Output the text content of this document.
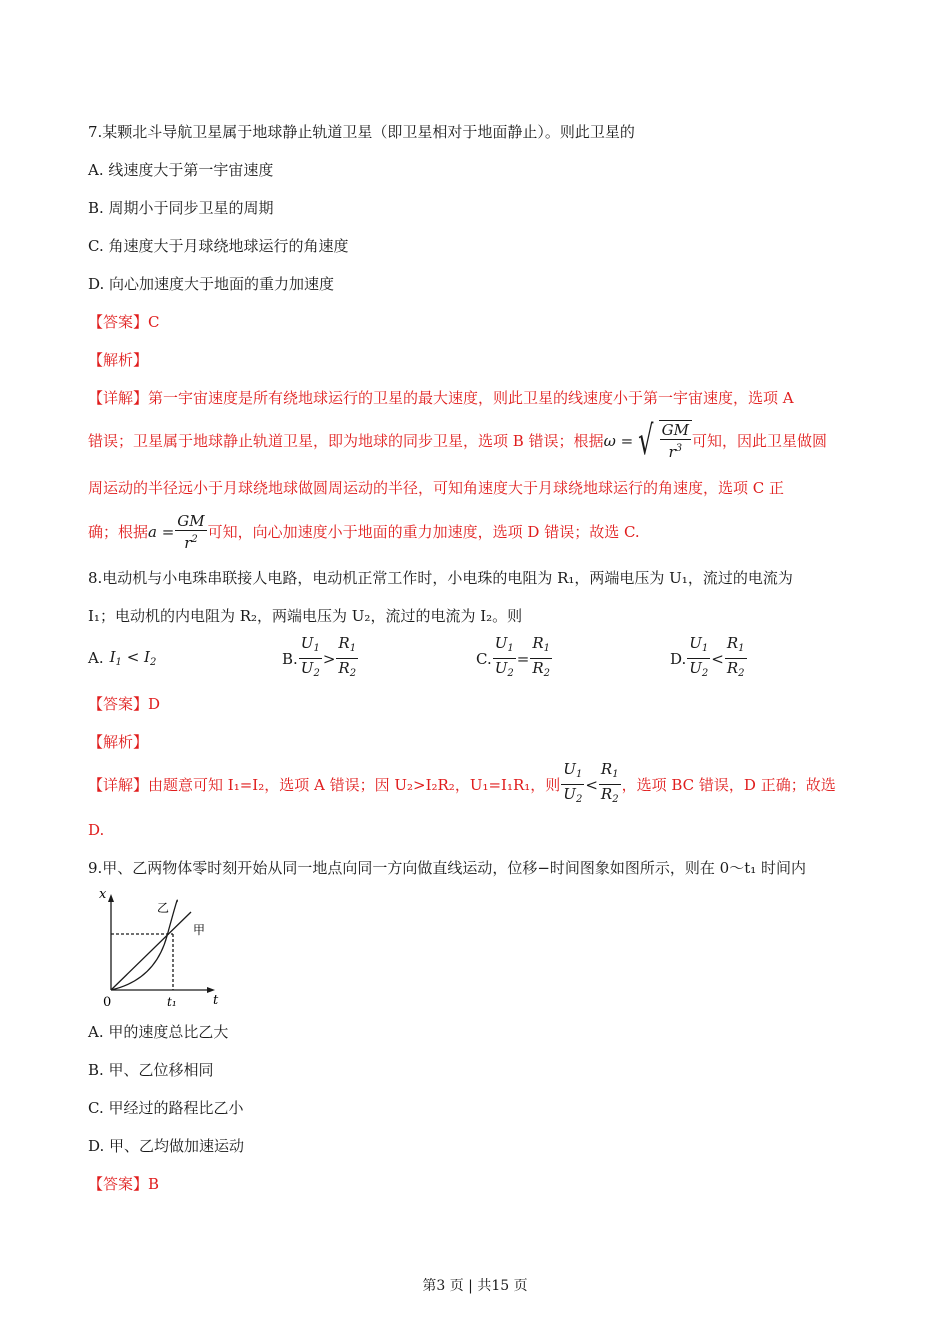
7.某颗北斗导航卫星属于地球静止轨道卫星（即卫星相对于地面静止）。则此卫星的
A. 线速度大于第一宇宙速度
B. 周期小于同步卫星的周期
C. 角速度大于月球绕地球运行的角速度
D. 向心加速度大于地面的重力加速度
【答案】C
【解析】
【详解】第一宇宙速度是所有绕地球运行的卫星的最大速度，则此卫星的线速度小于第一宇宙速度，选项 A
错误；卫星属于地球静止轨道卫星，即为地球的同步卫星，选项 B 错误；根据 ω = √ $\frac{GM}{r^3}$ 可知，因此卫星做圆
周运动的半径远小于月球绕地球做圆周运动的半径，可知角速度大于月球绕地球运行的角速度，选项 C 正
确；根据 $a = \frac{GM}{r^2}$ 可知，向心加速度小于地面的重力加速度，选项 D 错误；故选 C.
8.电动机与小电珠串联接人电路，电动机正常工作时，小电珠的电阻为 R₁，两端电压为 U₁，流过的电流为
I₁；电动机的内电阻为 R₂，两端电压为 U₂，流过的电流为 I₂。则
A. $I_1 < I_2$	B. $\frac{U_1}{U_2} > \frac{R_1}{R_2}$	C. $\frac{U_1}{U_2} = \frac{R_1}{R_2}$	D. $\frac{U_1}{U_2} < \frac{R_1}{R_2}$
【答案】D
【解析】
【详解】由题意可知 I₁=I₂，选项 A 错误；因 U₂>I₂R₂，U₁=I₁R₁，则 $\frac{U_1}{U_2} < \frac{R_1}{R_2}$ ，选项 BC 错误，D 正确；故选
D.
9.甲、乙两物体零时刻开始从同一地点向同一方向做直线运动，位移−时间图象如图所示，则在 0～t₁ 时间内
x
t
0	t₁
甲
乙
A. 甲的速度总比乙大
B. 甲、乙位移相同
C. 甲经过的路程比乙小
D. 甲、乙均做加速运动
【答案】B
第3 页 | 共15 页
